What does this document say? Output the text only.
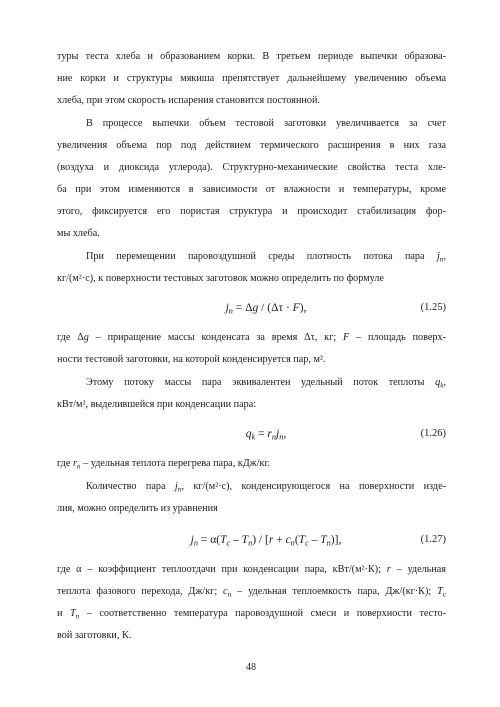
туры теста хлеба и образованием корки. В третьем периоде выпечки образова-
ние корки и структуры мякиша препятствует дальнейшему увеличению объема
хлеба, при этом скорость испарения становится постоянной.
В процессе выпечки объем тестовой заготовки увеличивается за счет
увеличения объема пор под действием термического расширения в них газа
(воздуха и диоксида углерода). Структурно-механические свойства теста хле-
ба при этом изменяются в зависимости от влажности и температуры, кроме
этого, фиксируется его пористая структура и происходит стабилизация фор-
мы хлеба.
При перемещении паровоздушной среды плотность потока пара $j_n$,
кг/(м²·с), к поверхности тестовых заготовок можно определить по формуле
$j_n = \Delta g / (\Delta\tau \cdot F)$,	(1.25)
где Δg – приращение массы конденсата за время Δτ, кг; F – площадь поверх-
ности тестовой заготовки, на которой конденсируется пар, м².
Этому потоку массы пара эквивалентен удельный поток теплоты $q_k$,
кВт/м², выделившейся при конденсации пара:
$q_k = r_nj_n$,	(1.26)
где $r_n$ – удельная теплота перегрева пара, кДж/кг.
Количество пара $j_n$, кг/(м²·с), конденсирующегося на поверхности изде-
лия, можно определить из уравнения
$j_n = \alpha(T_c - T_n) / [r + c_n(T_c - T_n)]$,	(1.27)
где α – коэффициент теплоотдачи при конденсации пара, кВт/(м²·К); r – удельная
теплота фазового перехода, Дж/кг; $c_n$ – удельная теплоемкость пара, Дж/(кг·К); $T_c$
и $T_n$ – соответственно температура паровоздушной смеси и поверхности тесто-
вой заготовки, К.
48
